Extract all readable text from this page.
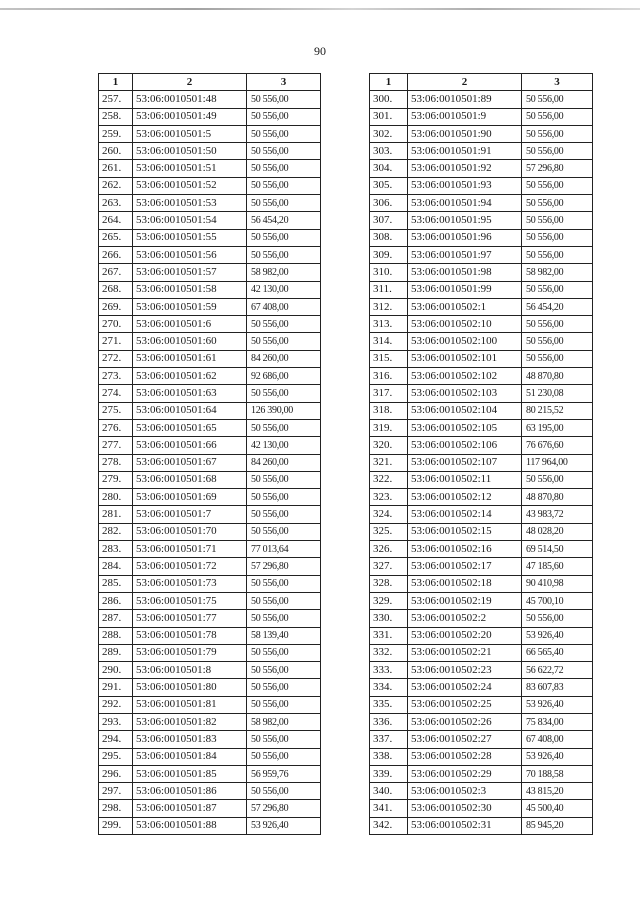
90
1	2	3
257.	53:06:0010501:48	50 556,00
258.	53:06:0010501:49	50 556,00
259.	53:06:0010501:5	50 556,00
260.	53:06:0010501:50	50 556,00
261.	53:06:0010501:51	50 556,00
262.	53:06:0010501:52	50 556,00
263.	53:06:0010501:53	50 556,00
264.	53:06:0010501:54	56 454,20
265.	53:06:0010501:55	50 556,00
266.	53:06:0010501:56	50 556,00
267.	53:06:0010501:57	58 982,00
268.	53:06:0010501:58	42 130,00
269.	53:06:0010501:59	67 408,00
270.	53:06:0010501:6	50 556,00
271.	53:06:0010501:60	50 556,00
272.	53:06:0010501:61	84 260,00
273.	53:06:0010501:62	92 686,00
274.	53:06:0010501:63	50 556,00
275.	53:06:0010501:64	126 390,00
276.	53:06:0010501:65	50 556,00
277.	53:06:0010501:66	42 130,00
278.	53:06:0010501:67	84 260,00
279.	53:06:0010501:68	50 556,00
280.	53:06:0010501:69	50 556,00
281.	53:06:0010501:7	50 556,00
282.	53:06:0010501:70	50 556,00
283.	53:06:0010501:71	77 013,64
284.	53:06:0010501:72	57 296,80
285.	53:06:0010501:73	50 556,00
286.	53:06:0010501:75	50 556,00
287.	53:06:0010501:77	50 556,00
288.	53:06:0010501:78	58 139,40
289.	53:06:0010501:79	50 556,00
290.	53:06:0010501:8	50 556,00
291.	53:06:0010501:80	50 556,00
292.	53:06:0010501:81	50 556,00
293.	53:06:0010501:82	58 982,00
294.	53:06:0010501:83	50 556,00
295.	53:06:0010501:84	50 556,00
296.	53:06:0010501:85	56 959,76
297.	53:06:0010501:86	50 556,00
298.	53:06:0010501:87	57 296,80
299.	53:06:0010501:88	53 926,40
1	2	3
300.	53:06:0010501:89	50 556,00
301.	53:06:0010501:9	50 556,00
302.	53:06:0010501:90	50 556,00
303.	53:06:0010501:91	50 556,00
304.	53:06:0010501:92	57 296,80
305.	53:06:0010501:93	50 556,00
306.	53:06:0010501:94	50 556,00
307.	53:06:0010501:95	50 556,00
308.	53:06:0010501:96	50 556,00
309.	53:06:0010501:97	50 556,00
310.	53:06:0010501:98	58 982,00
311.	53:06:0010501:99	50 556,00
312.	53:06:0010502:1	56 454,20
313.	53:06:0010502:10	50 556,00
314.	53:06:0010502:100	50 556,00
315.	53:06:0010502:101	50 556,00
316.	53:06:0010502:102	48 870,80
317.	53:06:0010502:103	51 230,08
318.	53:06:0010502:104	80 215,52
319.	53:06:0010502:105	63 195,00
320.	53:06:0010502:106	76 676,60
321.	53:06:0010502:107	117 964,00
322.	53:06:0010502:11	50 556,00
323.	53:06:0010502:12	48 870,80
324.	53:06:0010502:14	43 983,72
325.	53:06:0010502:15	48 028,20
326.	53:06:0010502:16	69 514,50
327.	53:06:0010502:17	47 185,60
328.	53:06:0010502:18	90 410,98
329.	53:06:0010502:19	45 700,10
330.	53:06:0010502:2	50 556,00
331.	53:06:0010502:20	53 926,40
332.	53:06:0010502:21	66 565,40
333.	53:06:0010502:23	56 622,72
334.	53:06:0010502:24	83 607,83
335.	53:06:0010502:25	53 926,40
336.	53:06:0010502:26	75 834,00
337.	53:06:0010502:27	67 408,00
338.	53:06:0010502:28	53 926,40
339.	53:06:0010502:29	70 188,58
340.	53:06:0010502:3	43 815,20
341.	53:06:0010502:30	45 500,40
342.	53:06:0010502:31	85 945,20
